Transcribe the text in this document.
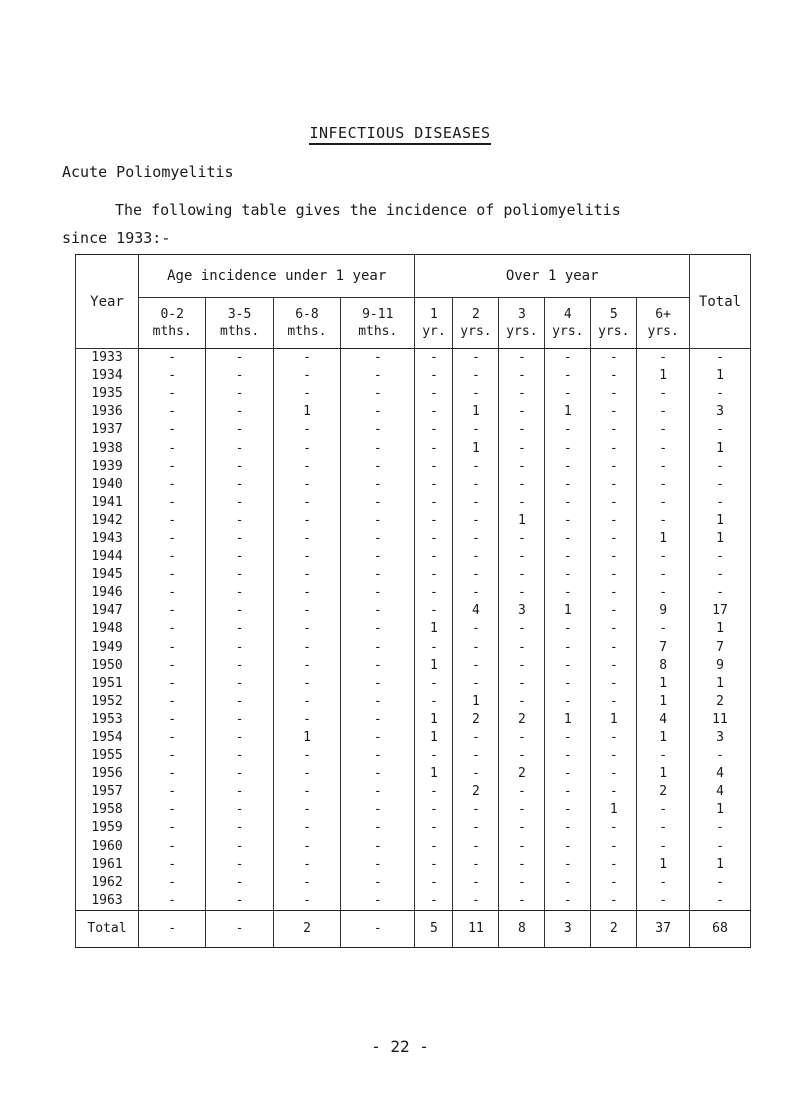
INFECTIOUS DISEASES
Acute Poliomyelitis
The following table gives the incidence of poliomyelitis
since 1933:-
Year	Age incidence under 1 year				Over 1 year						Total
	0-2 mths.	3-5 mths.	6-8 mths.	9-11 mths.	1 yr.	2 yrs.	3 yrs.	4 yrs.	5 yrs.	6+ yrs.	
1933	-	-	-	-	-	-	-	-	-	-	-
1934	-	-	-	-	-	-	-	-	-	1	1
1935	-	-	-	-	-	-	-	-	-	-	-
1936	-	-	1	-	-	1	-	1	-	-	3
1937	-	-	-	-	-	-	-	-	-	-	-
1938	-	-	-	-	-	1	-	-	-	-	1
1939	-	-	-	-	-	-	-	-	-	-	-
1940	-	-	-	-	-	-	-	-	-	-	-
1941	-	-	-	-	-	-	-	-	-	-	-
1942	-	-	-	-	-	-	1	-	-	-	1
1943	-	-	-	-	-	-	-	-	-	1	1
1944	-	-	-	-	-	-	-	-	-	-	-
1945	-	-	-	-	-	-	-	-	-	-	-
1946	-	-	-	-	-	-	-	-	-	-	-
1947	-	-	-	-	-	4	3	1	-	9	17
1948	-	-	-	-	1	-	-	-	-	-	1
1949	-	-	-	-	-	-	-	-	-	7	7
1950	-	-	-	-	1	-	-	-	-	8	9
1951	-	-	-	-	-	-	-	-	-	1	1
1952	-	-	-	-	-	1	-	-	-	1	2
1953	-	-	-	-	1	2	2	1	1	4	11
1954	-	-	1	-	1	-	-	-	-	1	3
1955	-	-	-	-	-	-	-	-	-	-	-
1956	-	-	-	-	1	-	2	-	-	1	4
1957	-	-	-	-	-	2	-	-	-	2	4
1958	-	-	-	-	-	-	-	-	1	-	1
1959	-	-	-	-	-	-	-	-	-	-	-
1960	-	-	-	-	-	-	-	-	-	-	-
1961	-	-	-	-	-	-	-	-	-	1	1
1962	-	-	-	-	-	-	-	-	-	-	-
1963	-	-	-	-	-	-	-	-	-	-	-
Total	-	-	2	-	5	11	8	3	2	37	68
- 22 -
